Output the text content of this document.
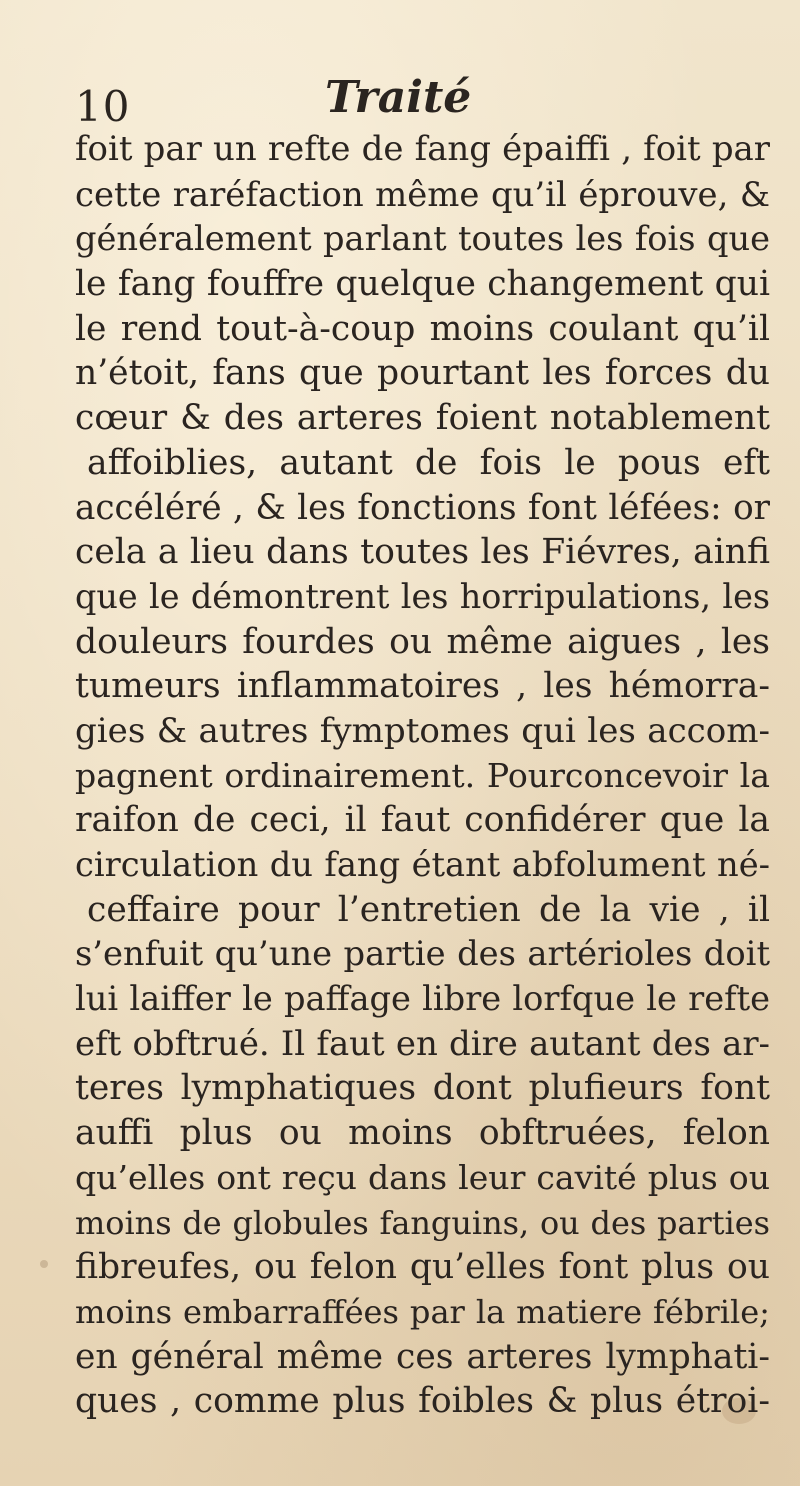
10	Traité
foit par un refte de fang épaiffi , foit par
cette raréfaction même qu’il éprouve, &
généralement parlant toutes les fois que
le fang fouffre quelque changement qui
le rend tout-à-coup moins coulant qu’il
n’étoit, fans que pourtant les forces du
cœur & des arteres foient notablement
affoiblies, autant de fois le pous eft
accéléré , & les fonctions font léfées: or
cela a lieu dans toutes les Fiévres, ainfi
que le démontrent les horripulations, les
douleurs fourdes ou même aigues , les
tumeurs inflammatoires , les hémorra-
gies & autres fymptomes qui les accom-
pagnent ordinairement. Pourconcevoir la
raifon de ceci, il faut confidérer que la
circulation du fang étant abfolument né-
ceffaire pour l’entretien de la vie , il
s’enfuit qu’une partie des artérioles doit
lui laiffer le paffage libre lorfque le refte
eft obftrué. Il faut en dire autant des ar-
teres lymphatiques dont plufieurs font
auffi plus ou moins obftruées, felon
qu’elles ont reçu dans leur cavité plus ou
moins de globules fanguins, ou des parties
fibreufes, ou felon qu’elles font plus ou
moins embarraffées par la matiere fébrile;
en général même ces arteres lymphati-
ques , comme plus foibles & plus étroi-
